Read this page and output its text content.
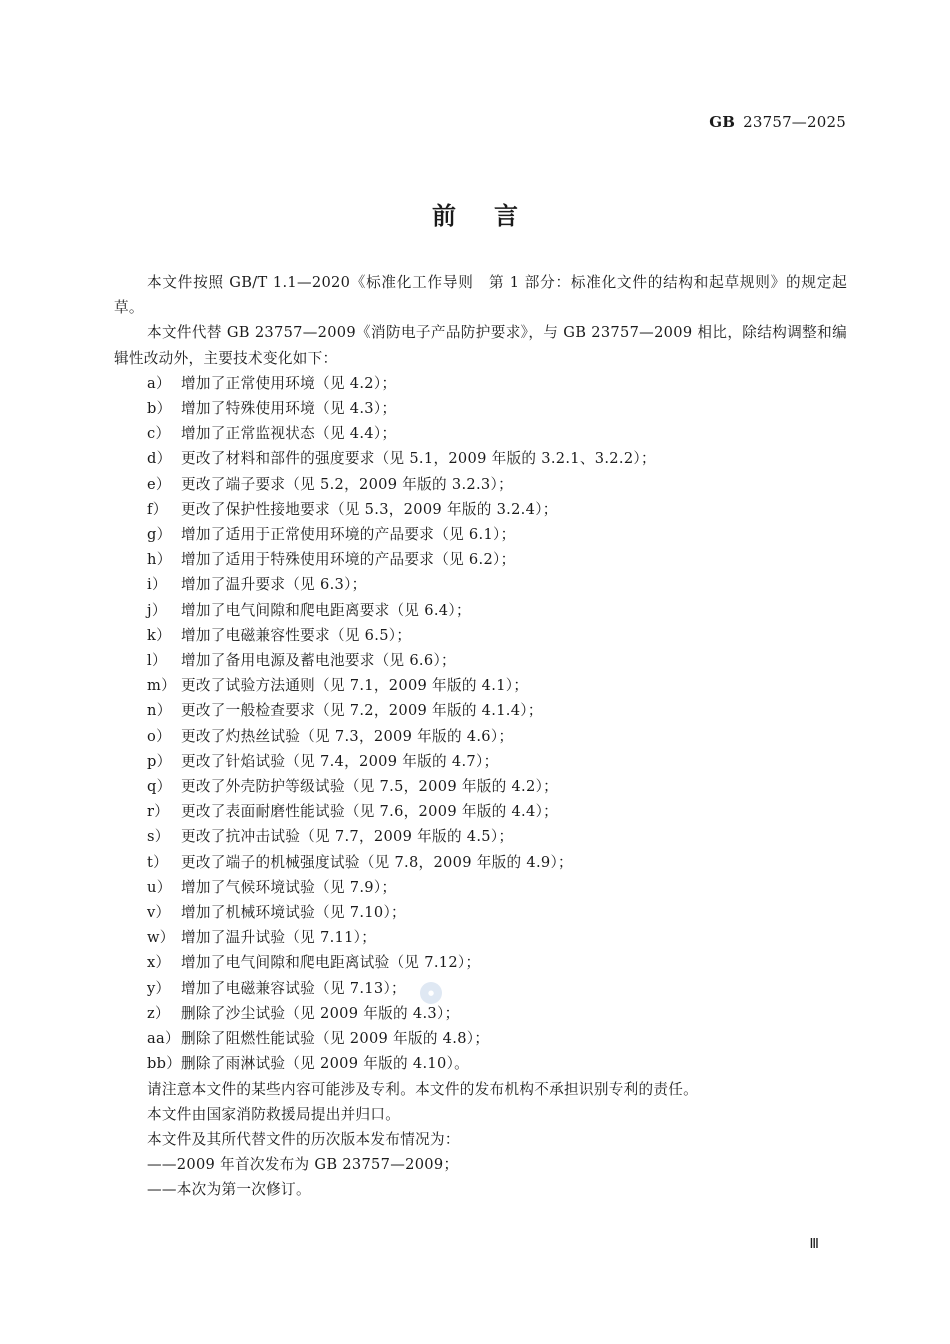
GB 23757—2025
前言
本文件按照 GB/T 1.1—2020《标准化工作导则　第 1 部分：标准化文件的结构和起草规则》的规定起草。
本文件代替 GB 23757—2009《消防电子产品防护要求》，与 GB 23757—2009 相比，除结构调整和编辑性改动外，主要技术变化如下：
a） 增加了正常使用环境（见 4.2）；
b） 增加了特殊使用环境（见 4.3）；
c） 增加了正常监视状态（见 4.4）；
d） 更改了材料和部件的强度要求（见 5.1，2009 年版的 3.2.1、3.2.2）；
e） 更改了端子要求（见 5.2，2009 年版的 3.2.3）；
f） 更改了保护性接地要求（见 5.3，2009 年版的 3.2.4）；
g） 增加了适用于正常使用环境的产品要求（见 6.1）；
h） 增加了适用于特殊使用环境的产品要求（见 6.2）；
i） 增加了温升要求（见 6.3）；
j） 增加了电气间隙和爬电距离要求（见 6.4）；
k） 增加了电磁兼容性要求（见 6.5）；
l） 增加了备用电源及蓄电池要求（见 6.6）；
m） 更改了试验方法通则（见 7.1，2009 年版的 4.1）；
n） 更改了一般检查要求（见 7.2，2009 年版的 4.1.4）；
o） 更改了灼热丝试验（见 7.3，2009 年版的 4.6）；
p） 更改了针焰试验（见 7.4，2009 年版的 4.7）；
q） 更改了外壳防护等级试验（见 7.5，2009 年版的 4.2）；
r） 更改了表面耐磨性能试验（见 7.6，2009 年版的 4.4）；
s） 更改了抗冲击试验（见 7.7，2009 年版的 4.5）；
t） 更改了端子的机械强度试验（见 7.8，2009 年版的 4.9）；
u） 增加了气候环境试验（见 7.9）；
v） 增加了机械环境试验（见 7.10）；
w） 增加了温升试验（见 7.11）；
x） 增加了电气间隙和爬电距离试验（见 7.12）；
y） 增加了电磁兼容试验（见 7.13）；
z） 删除了沙尘试验（见 2009 年版的 4.3）；
aa）删除了阻燃性能试验（见 2009 年版的 4.8）；
bb）删除了雨淋试验（见 2009 年版的 4.10）。
请注意本文件的某些内容可能涉及专利。本文件的发布机构不承担识别专利的责任。
本文件由国家消防救援局提出并归口。
本文件及其所代替文件的历次版本发布情况为：
——2009 年首次发布为 GB 23757—2009；
——本次为第一次修订。
●
Ⅲ
